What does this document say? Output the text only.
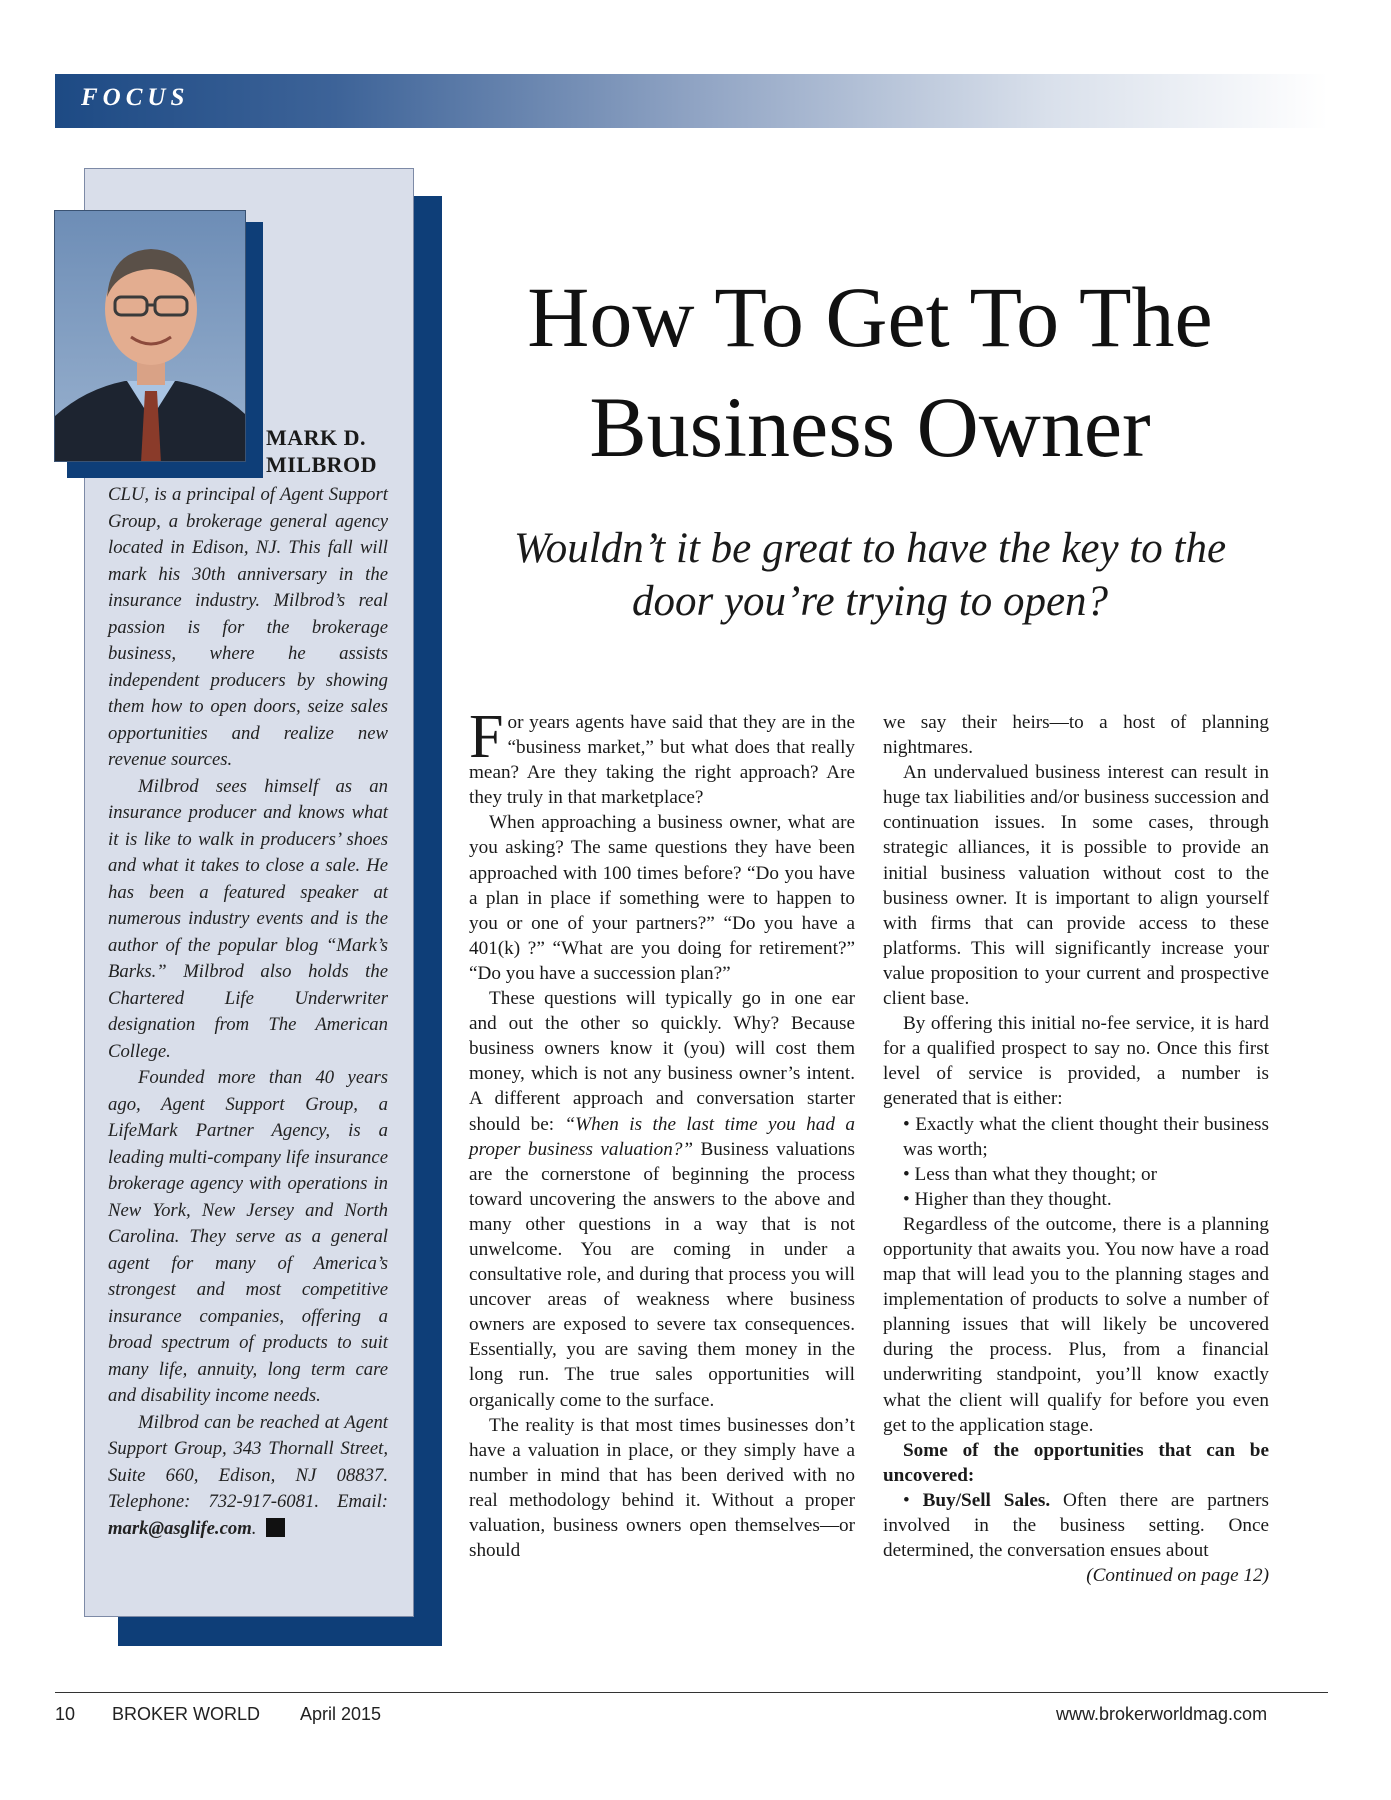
FOCUS
MARK D. MILBROD

CLU, is a principal of Agent Support Group, a brokerage general agency located in Edison, NJ. This fall will mark his 30th anniversary in the insurance industry. Milbrod’s real passion is for the brokerage business, where he assists independent producers by showing them how to open doors, seize sales opportunities and realize new revenue sources.

Milbrod sees himself as an insurance producer and knows what it is like to walk in producers’ shoes and what it takes to close a sale. He has been a featured speaker at numerous industry events and is the author of the popular blog “Mark’s Barks.” Milbrod also holds the Chartered Life Underwriter designation from The American College.

Founded more than 40 years ago, Agent Support Group, a LifeMark Partner Agency, is a leading multi-company life insurance brokerage agency with operations in New York, New Jersey and North Carolina. They serve as a general agent for many of America’s strongest and most competitive insurance companies, offering a broad spectrum of products to suit many life, annuity, long term care and disability income needs.

Milbrod can be reached at Agent Support Group, 343 Thornall Street, Suite 660, Edison, NJ 08837. Telephone: 732-917-6081. Email: mark@asglife.com.

How To Get To The Business Owner
Wouldn’t it be great to have the key to the door you’re trying to open?

For years agents have said that they are in the “business market,” but what does that really mean? Are they taking the right approach? Are they truly in that marketplace?

When approaching a business owner, what are you asking? The same questions they have been approached with 100 times before? “Do you have a plan in place if something were to happen to you or one of your partners?” “Do you have a 401(k) ?” “What are you doing for retirement?” “Do you have a succession plan?”

These questions will typically go in one ear and out the other so quickly. Why? Because business owners know it (you) will cost them money, which is not any business owner’s intent. A different approach and conversation starter should be: “When is the last time you had a proper business valuation?” Business valuations are the cornerstone of beginning the process toward uncovering the answers to the above and many other questions in a way that is not unwelcome. You are coming in under a consultative role, and during that process you will uncover areas of weakness where business owners are exposed to severe tax consequences. Essentially, you are saving them money in the long run. The true sales opportunities will organically come to the surface.

The reality is that most times businesses don’t have a valuation in place, or they simply have a number in mind that has been derived with no real methodology behind it. Without a proper valuation, business owners open themselves—or should

we say their heirs—to a host of planning nightmares.

An undervalued business interest can result in huge tax liabilities and/or business succession and continuation issues. In some cases, through strategic alliances, it is possible to provide an initial business valuation without cost to the business owner. It is important to align yourself with firms that can provide access to these platforms. This will significantly increase your value proposition to your current and prospective client base.

By offering this initial no-fee service, it is hard for a qualified prospect to say no. Once this first level of service is provided, a number is generated that is either:

• Exactly what the client thought their business was worth;

• Less than what they thought; or

• Higher than they thought.

Regardless of the outcome, there is a planning opportunity that awaits you. You now have a road map that will lead you to the planning stages and implementation of products to solve a number of planning issues that will likely be uncovered during the process. Plus, from a financial underwriting standpoint, you’ll know exactly what the client will qualify for before you even get to the application stage.

Some of the opportunities that can be uncovered:

• Buy/Sell Sales. Often there are partners involved in the business setting. Once determined, the conversation ensues about

(Continued on page 12)

10 BROKER WORLD April 2015	www.brokerworldmag.com
